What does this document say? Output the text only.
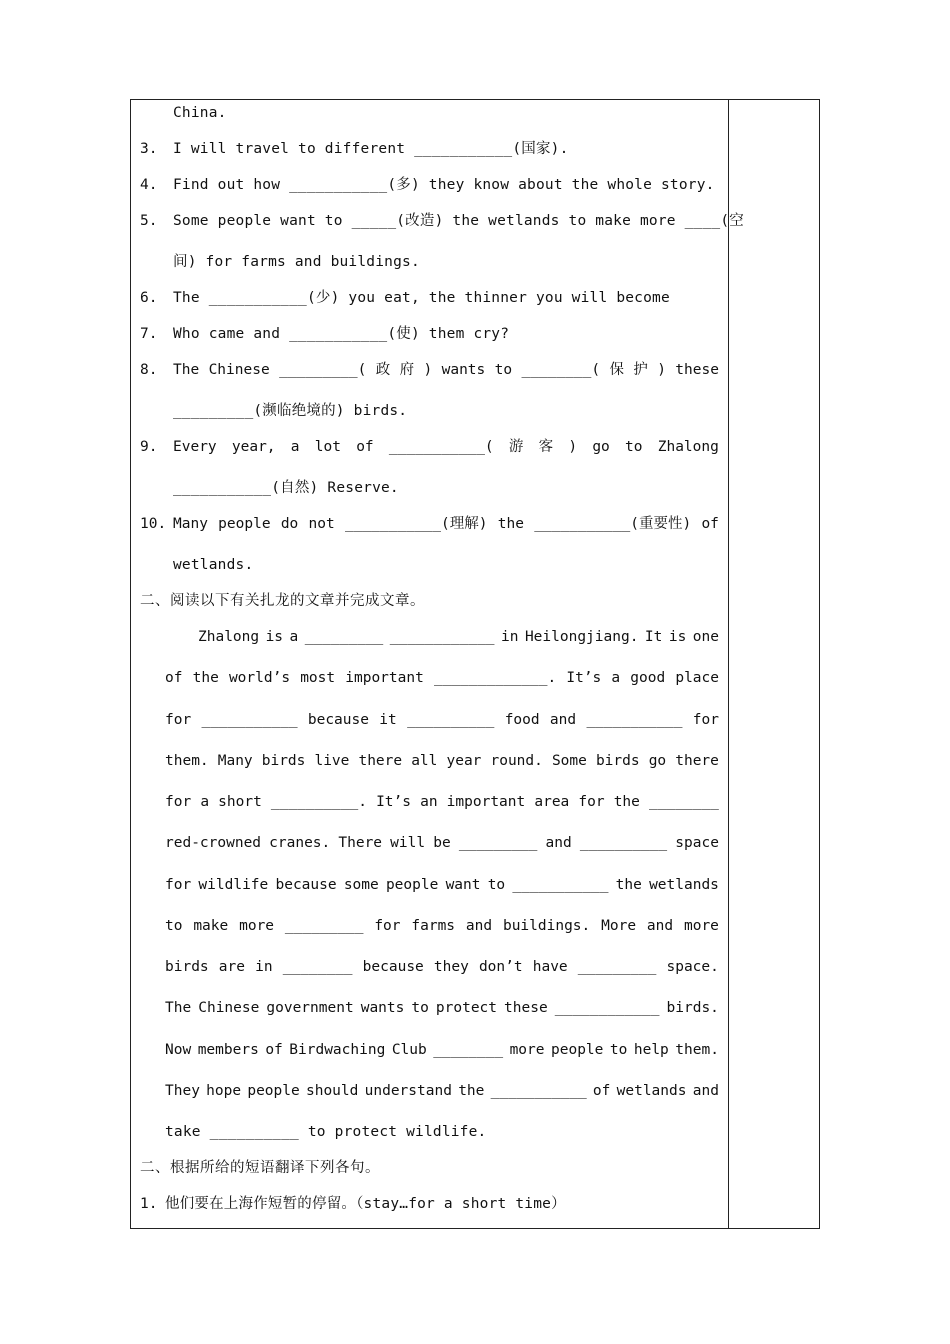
China.
3. I will travel to different ___________(国家).
4. Find out how ___________(多) they know about the whole story.
5. Some people want to _____(改造) the wetlands to make more ____(空
间) for farms and buildings.
6. The ___________(少) you eat, the thinner you will become
7. Who came and ___________(使) them cry?
8. The Chinese _________( 政 府 ) wants to ________( 保 护 ) these
_________(濒临绝境的) birds.
9. Every year, a lot of ___________( 游 客 ) go to Zhalong
___________(自然) Reserve.
10. Many people do not ___________(理解) the ___________(重要性) of
wetlands.
二、阅读以下有关扎龙的文章并完成文章。
Zhalong is a _________ ____________ in Heilongjiang. It is one
of the world’s most important _____________. It’s a good place
for ___________ because it __________ food and ___________ for
them. Many birds live there all year round. Some birds go there
for a short __________. It’s an important area for the ________
red-crowned cranes. There will be _________ and __________ space
for wildlife because some people want to ___________ the wetlands
to make more _________ for farms and buildings. More and more
birds are in ________ because they don’t have _________ space.
The Chinese government wants to protect these ____________ birds.
Now members of Birdwaching Club ________ more people to help them.
They hope people should understand the ___________ of wetlands and
take __________ to protect wildlife.
二、根据所给的短语翻译下列各句。
1. 他们要在上海作短暂的停留。（stay…for a short time）
